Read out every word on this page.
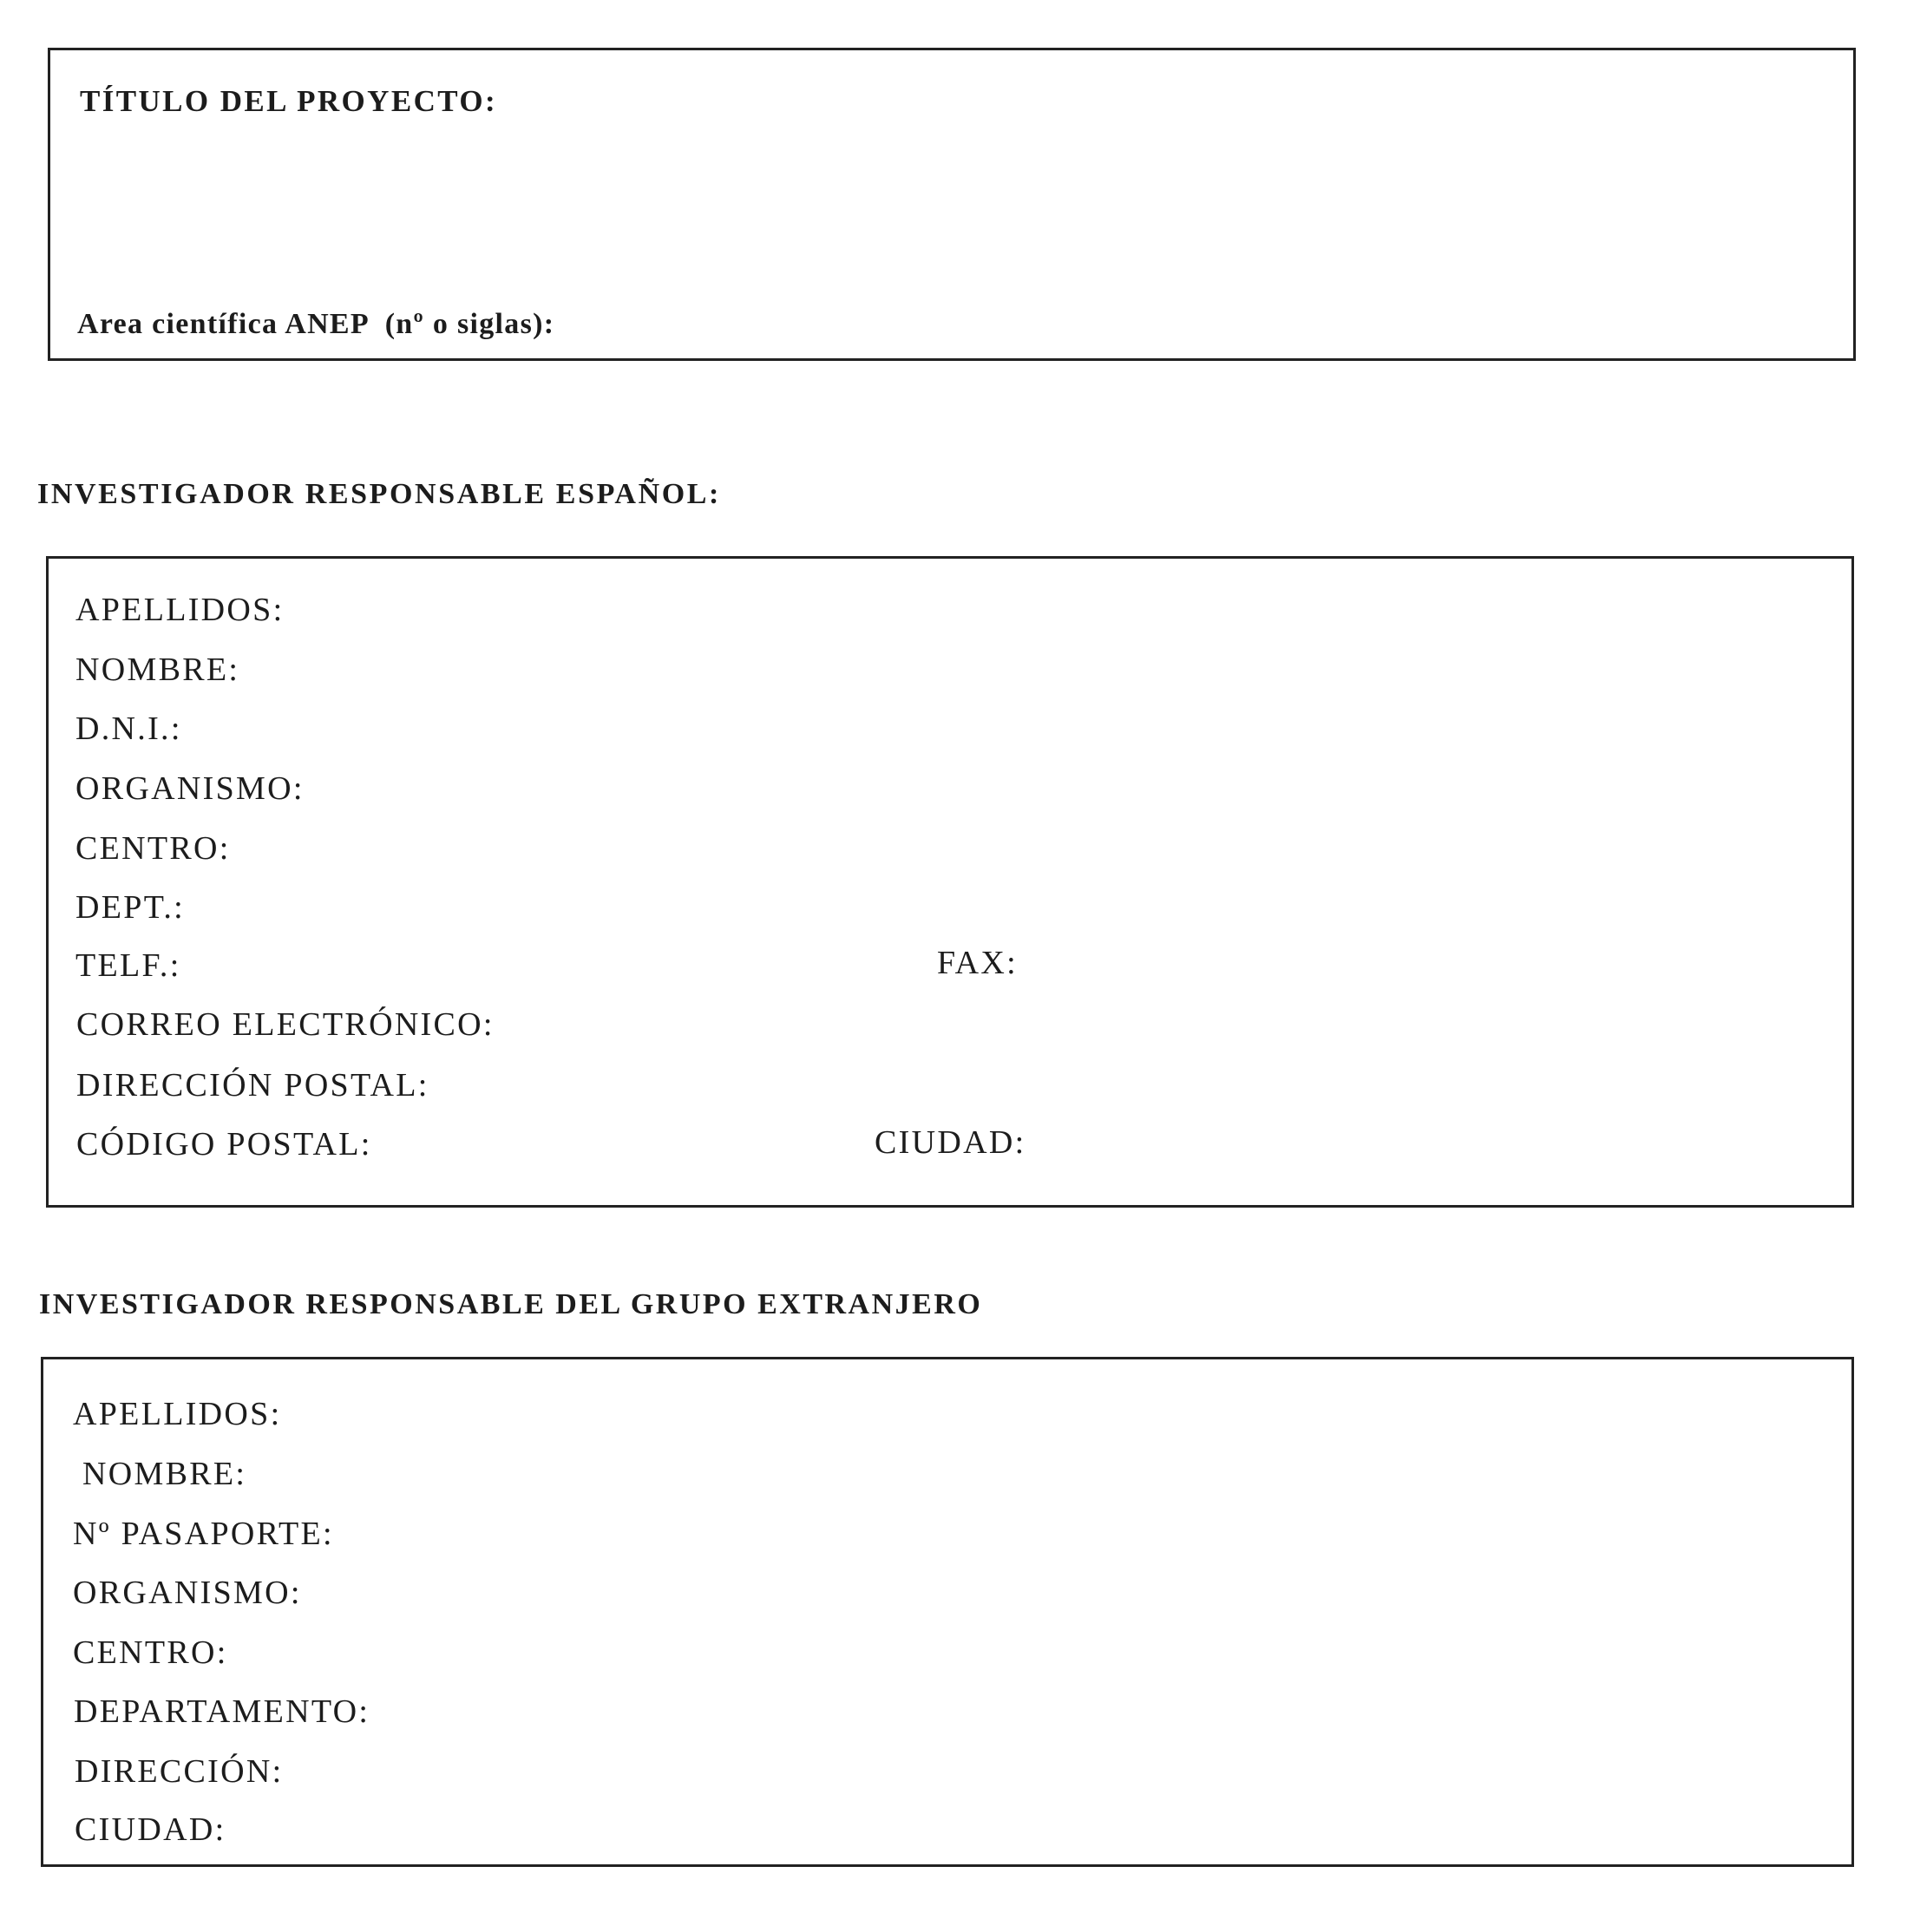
TÍTULO DEL PROYECTO:
Area científica ANEP  (nº o siglas):
INVESTIGADOR RESPONSABLE ESPAÑOL:
APELLIDOS:
NOMBRE:
D.N.I.:
ORGANISMO:
CENTRO:
DEPT.:
TELF.:	FAX:
CORREO ELECTRÓNICO:
DIRECCIÓN POSTAL:
CÓDIGO POSTAL:	CIUDAD:
INVESTIGADOR RESPONSABLE DEL GRUPO EXTRANJERO
APELLIDOS:
NOMBRE:
Nº PASAPORTE:
ORGANISMO:
CENTRO:
DEPARTAMENTO:
DIRECCIÓN:
CIUDAD:
